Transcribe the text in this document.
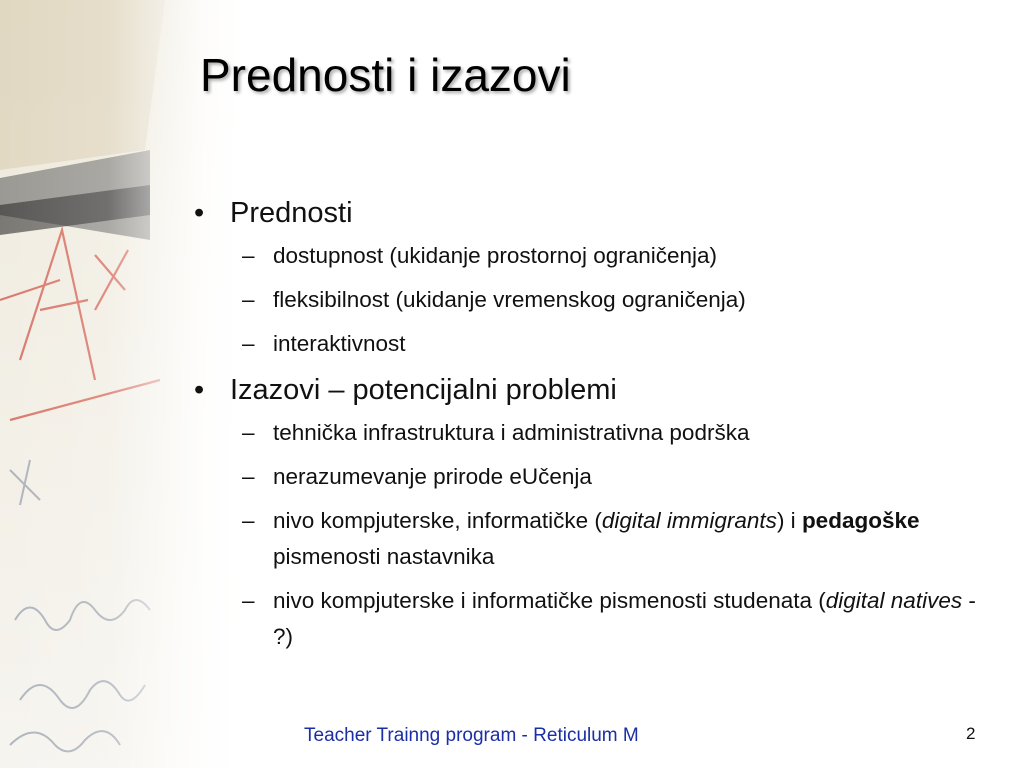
Prednosti i izazovi
• Prednosti
– dostupnost (ukidanje prostornoj ograničenja)
– fleksibilnost (ukidanje vremenskog ograničenja)
– interaktivnost
• Izazovi – potencijalni problemi
– tehnička infrastruktura i administrativna podrška
– nerazumevanje prirode eUčenja
– nivo kompjuterske, informatičke (digital immigrants) i pedagoške pismenosti nastavnika
– nivo kompjuterske i informatičke pismenosti studenata (digital natives - ?)
Teacher Trainng program - Reticulum M	2
